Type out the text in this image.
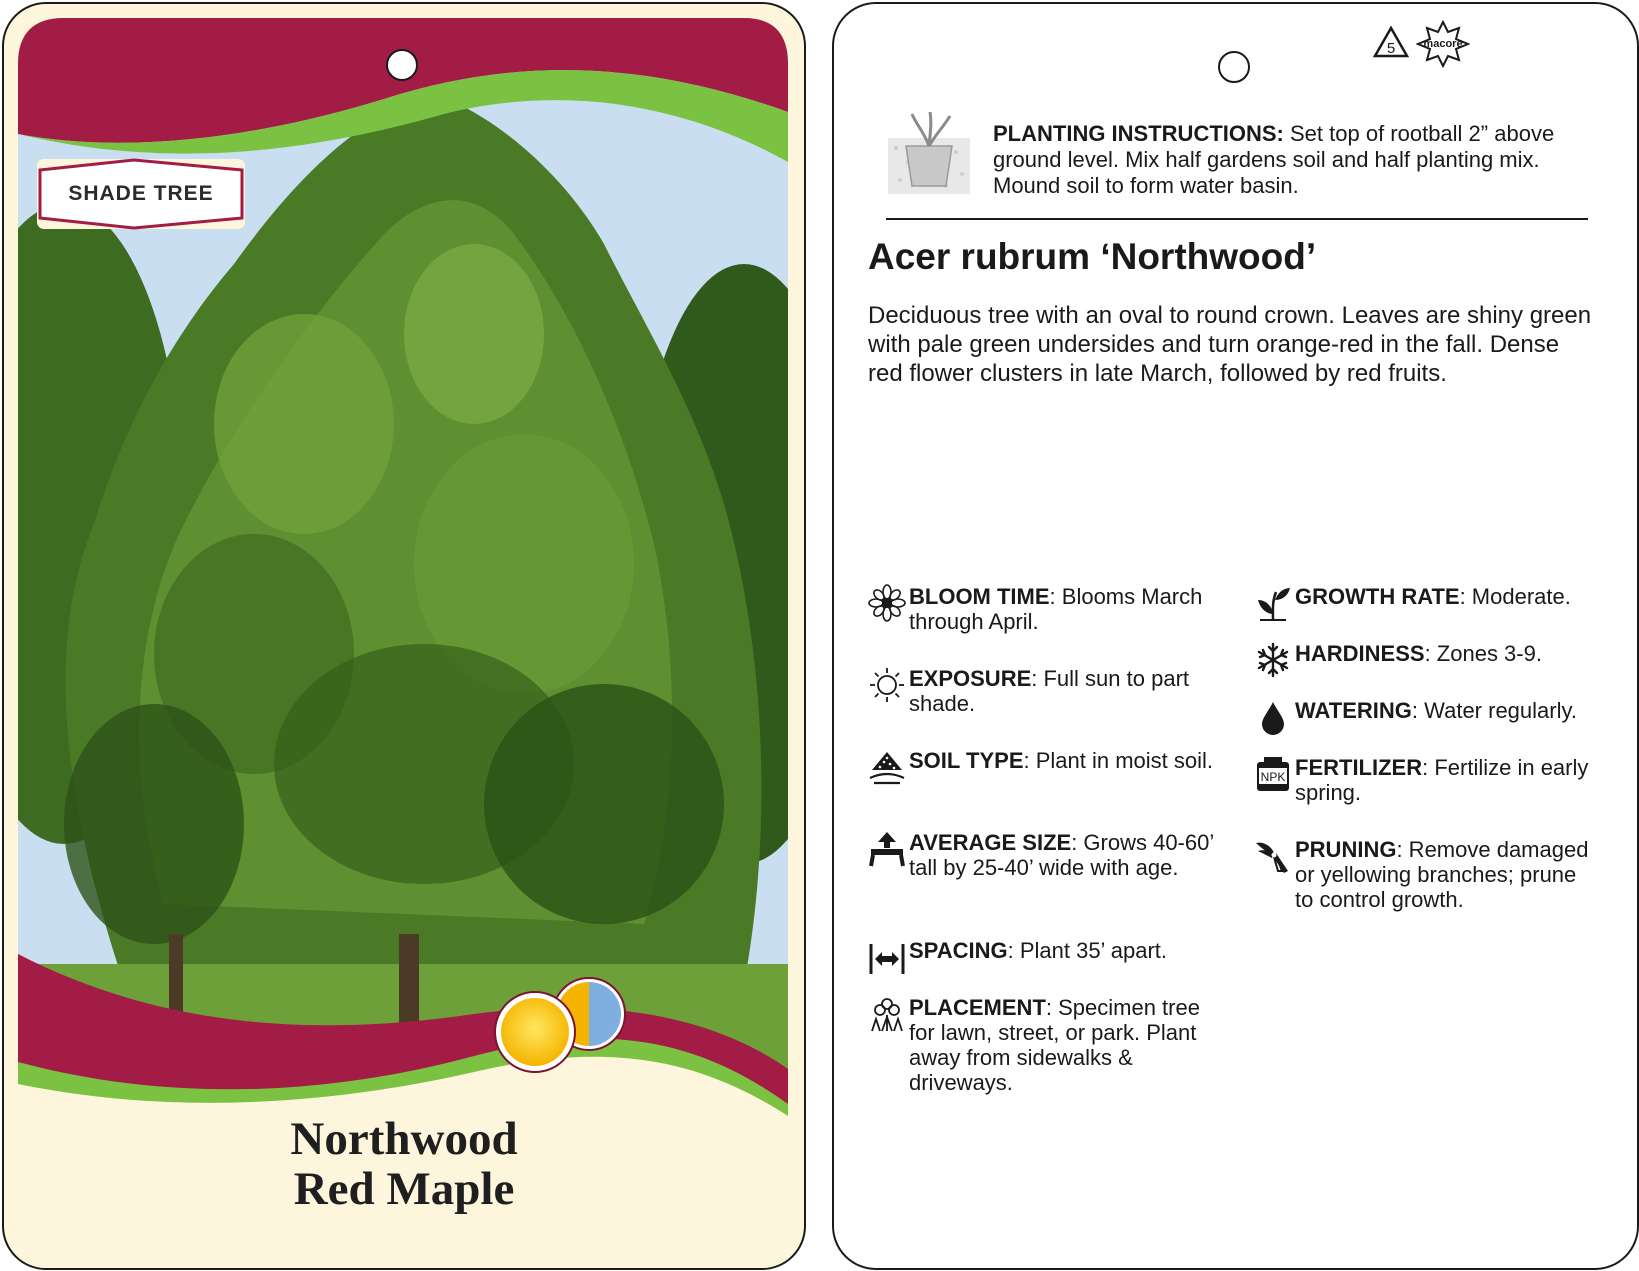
SHADE TREE
Northwood
Red Maple
5	macore
PLANTING INSTRUCTIONS: Set top of rootball 2” above ground level. Mix half gardens soil and half planting mix. Mound soil to form water basin.
Acer rubrum ‘Northwood’
Deciduous tree with an oval to round crown. Leaves are shiny green with pale green undersides and turn orange-red in the fall. Dense red flower clusters in late March, followed by red fruits.
BLOOM TIME: Blooms March through April.
EXPOSURE: Full sun to part shade.
SOIL TYPE: Plant in moist soil.
AVERAGE SIZE: Grows 40-60’ tall by 25-40’ wide with age.
SPACING: Plant 35’ apart.
PLACEMENT: Specimen tree for lawn, street, or park. Plant away from sidewalks & driveways.
GROWTH RATE: Moderate.
HARDINESS: Zones 3-9.
WATERING: Water regularly.
NPK FERTILIZER: Fertilize in early spring.
PRUNING: Remove damaged or yellowing branches; prune to control growth.
